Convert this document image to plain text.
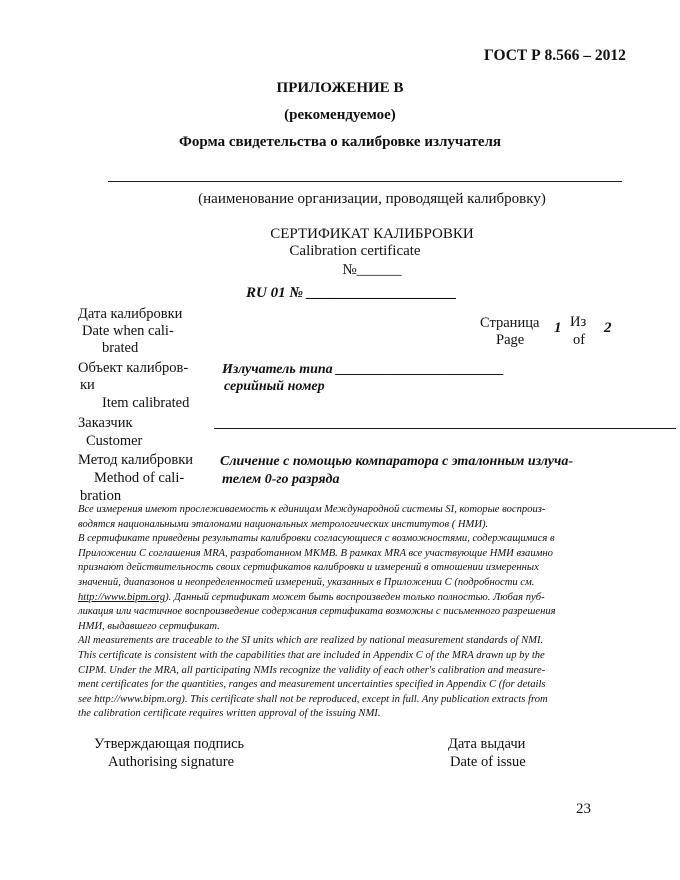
ГОСТ Р 8.566 – 2012
ПРИЛОЖЕНИЕ В
(рекомендуемое)
Форма свидетельства о калибровке излучателя
(наименование организации, проводящей калибровку)
СЕРТИФИКАТ КАЛИБРОВКИ
Calibration certificate
№______
RU 01 № ____________________
Дата калибровки
Date when cali-
brated
Страница
Page
1 Из
of
2
Объект калибров-
ки
Item calibrated
Излучатель типа ________________________
серийный номер
Заказчик
Customer
Метод калибровки
Method of cali-
bration
Сличение с помощью компаратора с эталонным излуча-
телем 0-го разряда
Все измерения имеют прослеживаемость к единицам Международной системы SI, которые воспроиз-
водятся национальными эталонами национальных метрологических институтов ( НМИ).
В сертификате приведены результаты калибровки согласующиеся с возможностями, содержащимися в
Приложении С соглашения MRA, разработанном МКМВ. В рамках MRA все участвующие НМИ взаимно
признают действительность своих сертификатов калибровки и измерений в отношении измеренных
значений, диапазонов и неопределенностей измерений, указанных в Приложении С (подробности см.
http://www.bipm.org). Данный сертификат может быть воспроизведен только полностью. Любая пуб-
ликация или частичное воспроизведение содержания сертификата возможны с письменного разрешения
НМИ, выдавшего сертификат.
All measurements are traceable to the SI units which are realized by national measurement standards of NMI.
This certificate is consistent with the capabilities that are included in Appendix C of the MRA drawn up by the
CIPM. Under the MRA, all participating NMIs recognize the validity of each other's calibration and measure-
ment certificates for the quantities, ranges and measurement uncertainties specified in Appendix C (for details
see http://www.bipm.org). This certificate shall not be reproduced, except in full. Any publication extracts from
the calibration certificate requires written approval of the issuing NMI.
Утверждающая подпись
Authorising signature
Дата выдачи
Date of issue
23
